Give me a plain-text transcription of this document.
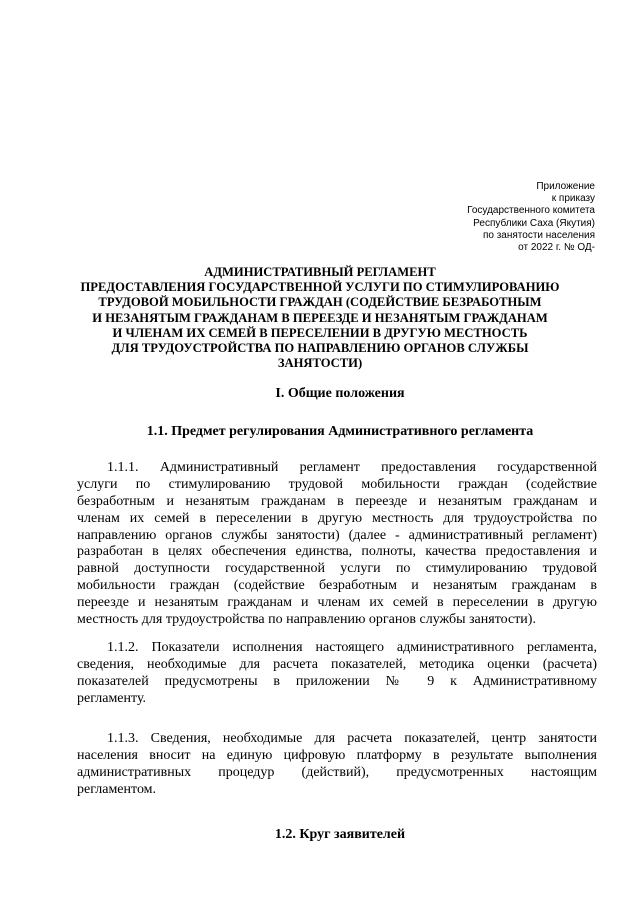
Приложение
к приказу
Государственного комитета
Республики Саха (Якутия)
по занятости населения
от 2022 г. № ОД-
АДМИНИСТРАТИВНЫЙ РЕГЛАМЕНТ
ПРЕДОСТАВЛЕНИЯ ГОСУДАРСТВЕННОЙ УСЛУГИ ПО СТИМУЛИРОВАНИЮ
ТРУДОВОЙ МОБИЛЬНОСТИ ГРАЖДАН (СОДЕЙСТВИЕ БЕЗРАБОТНЫМ
И НЕЗАНЯТЫМ ГРАЖДАНАМ В ПЕРЕЕЗДЕ И НЕЗАНЯТЫМ ГРАЖДАНАМ
И ЧЛЕНАМ ИХ СЕМЕЙ В ПЕРЕСЕЛЕНИИ В ДРУГУЮ МЕСТНОСТЬ
ДЛЯ ТРУДОУСТРОЙСТВА ПО НАПРАВЛЕНИЮ ОРГАНОВ СЛУЖБЫ
ЗАНЯТОСТИ)
I. Общие положения
1.1. Предмет регулирования Административного регламента
1.1.1. Административный регламент предоставления государственной
услуги по стимулированию трудовой мобильности граждан (содействие
безработным и незанятым гражданам в переезде и незанятым гражданам и
членам их семей в переселении в другую местность для трудоустройства по
направлению органов службы занятости) (далее - административный регламент)
разработан в целях обеспечения единства, полноты, качества предоставления и
равной доступности государственной услуги по стимулированию трудовой
мобильности граждан (содействие безработным и незанятым гражданам в
переезде и незанятым гражданам и членам их семей в переселении в другую
местность для трудоустройства по направлению органов службы занятости).
1.1.2. Показатели исполнения настоящего административного регламента,
сведения, необходимые для расчета показателей, методика оценки (расчета)
показателей предусмотрены в приложении № 9 к Административному
регламенту.
1.1.3. Сведения, необходимые для расчета показателей, центр занятости
населения вносит на единую цифровую платформу в результате выполнения
административных процедур (действий), предусмотренных настоящим
регламентом.
1.2. Круг заявителей
